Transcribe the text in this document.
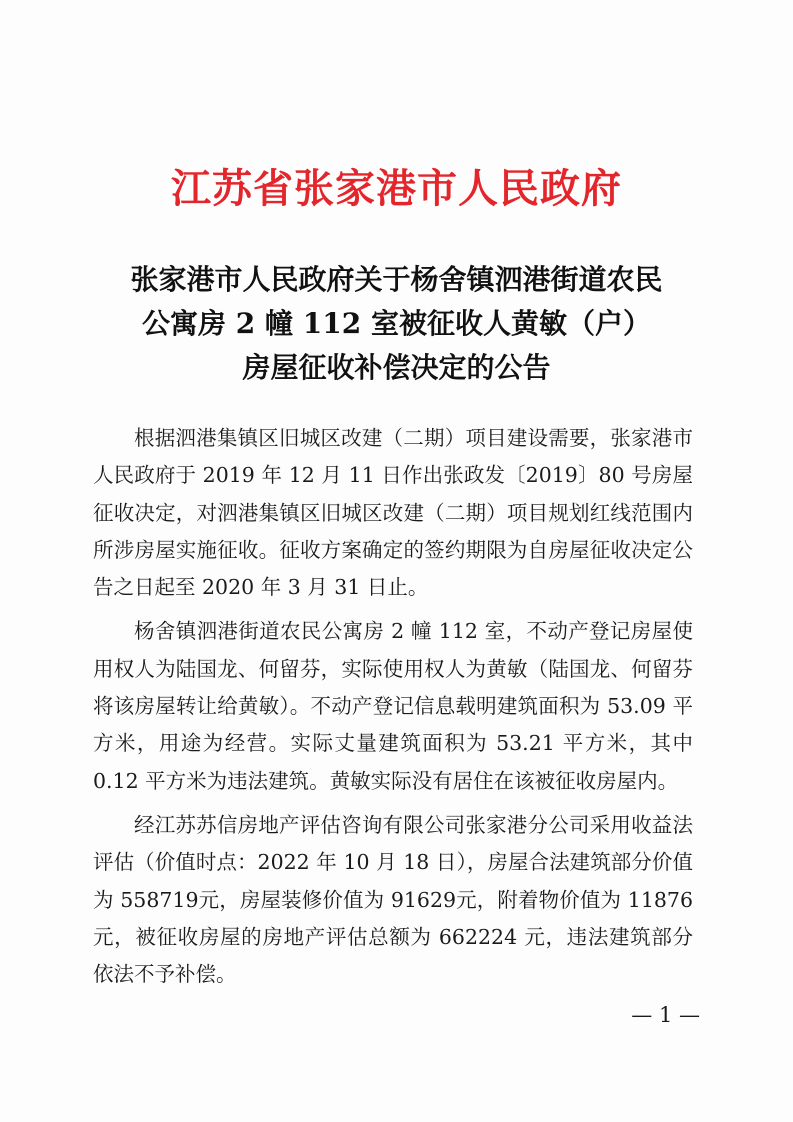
江苏省张家港市人民政府
张家港市人民政府关于杨舍镇泗港街道农民
公寓房 2 幢 112 室被征收人黄敏（户）
房屋征收补偿决定的公告

根据泗港集镇区旧城区改建（二期）项目建设需要，张家港市人民政府于 2019 年 12 月 11 日作出张政发〔2019〕80 号房屋征收决定，对泗港集镇区旧城区改建（二期）项目规划红线范围内所涉房屋实施征收。征收方案确定的签约期限为自房屋征收决定公告之日起至 2020 年 3 月 31 日止。

杨舍镇泗港街道农民公寓房 2 幢 112 室，不动产登记房屋使用权人为陆国龙、何留芬，实际使用权人为黄敏（陆国龙、何留芬将该房屋转让给黄敏）。不动产登记信息载明建筑面积为 53.09 平方米，用途为经营。实际丈量建筑面积为 53.21 平方米，其中 0.12 平方米为违法建筑。黄敏实际没有居住在该被征收房屋内。

经江苏苏信房地产评估咨询有限公司张家港分公司采用收益法评估（价值时点：2022 年 10 月 18 日），房屋合法建筑部分价值为 558719元，房屋装修价值为 91629元，附着物价值为 11876 元，被征收房屋的房地产评估总额为 662224 元，违法建筑部分依法不予补偿。

— 1 —
